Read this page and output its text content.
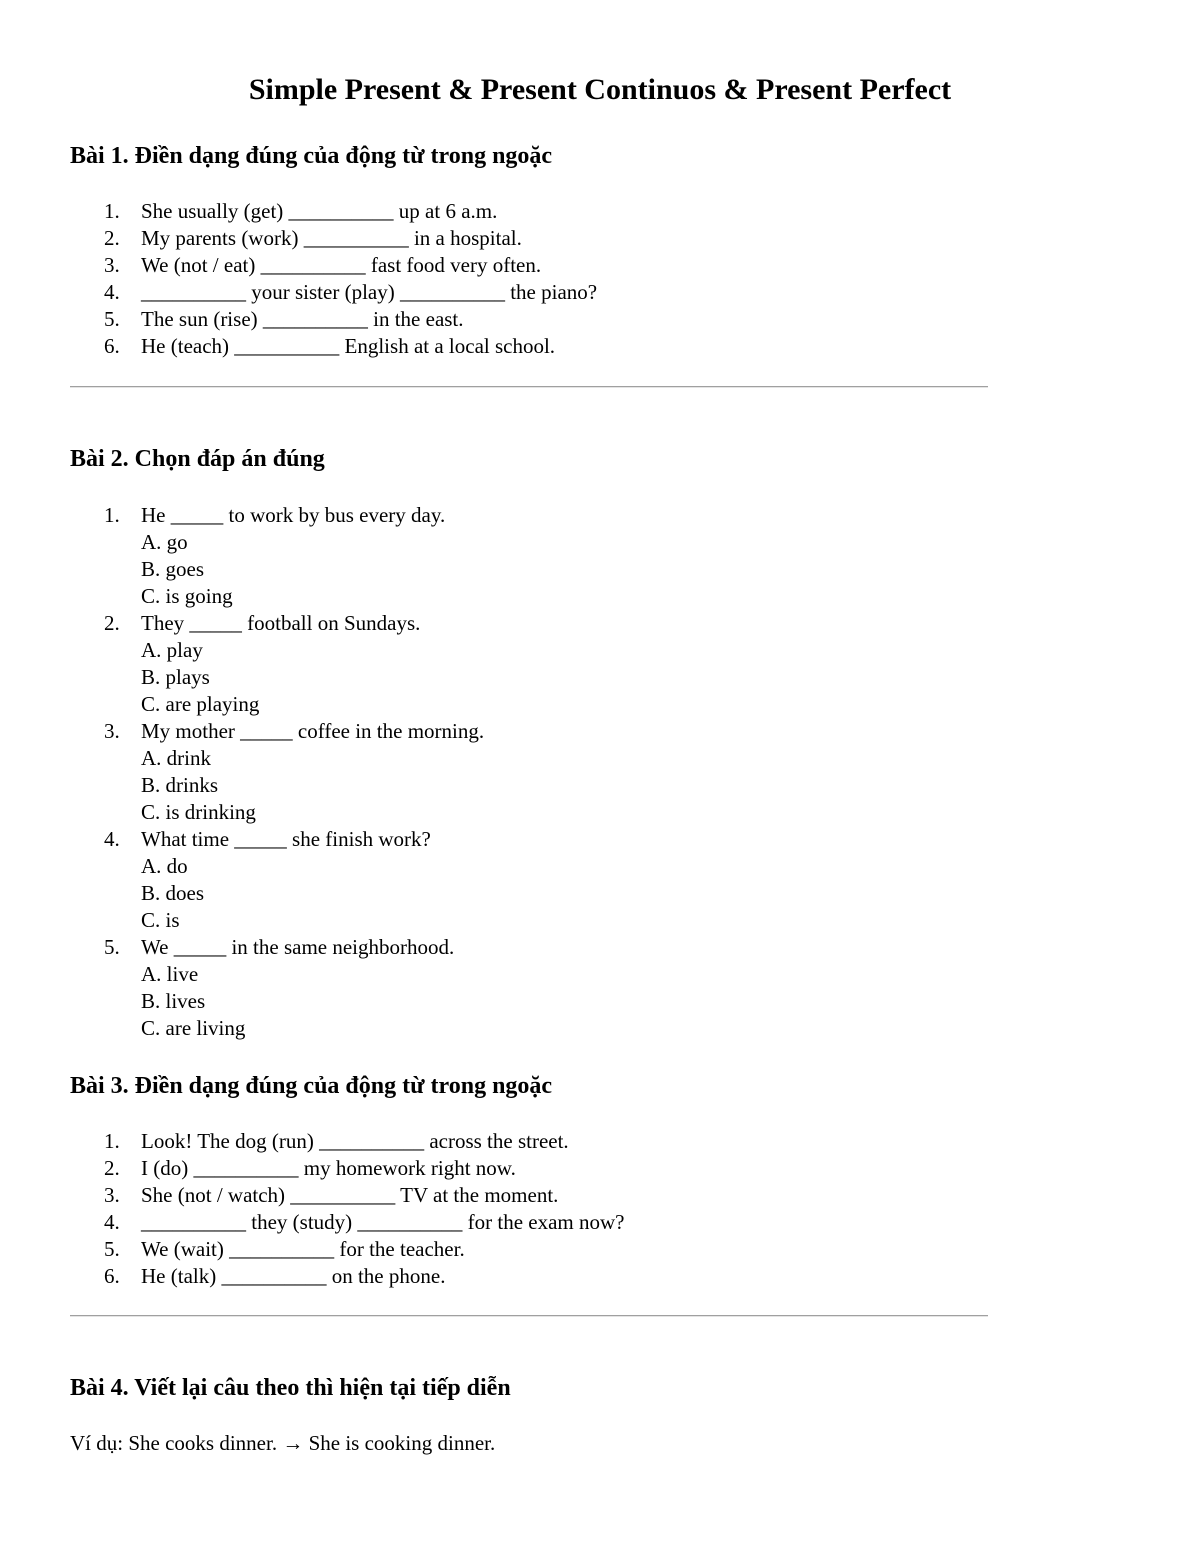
Simple Present & Present Continuos & Present Perfect
Bài 1. Điền dạng đúng của động từ trong ngoặc
1. She usually (get) __________ up at 6 a.m.
2. My parents (work) __________ in a hospital.
3. We (not / eat) __________ fast food very often.
4. __________ your sister (play) __________ the piano?
5. The sun (rise) __________ in the east.
6. He (teach) __________ English at a local school.
Bài 2. Chọn đáp án đúng
1. He _____ to work by bus every day.
A. go
B. goes
C. is going
2. They _____ football on Sundays.
A. play
B. plays
C. are playing
3. My mother _____ coffee in the morning.
A. drink
B. drinks
C. is drinking
4. What time _____ she finish work?
A. do
B. does
C. is
5. We _____ in the same neighborhood.
A. live
B. lives
C. are living
Bài 3. Điền dạng đúng của động từ trong ngoặc
1. Look! The dog (run) __________ across the street.
2. I (do) __________ my homework right now.
3. She (not / watch) __________ TV at the moment.
4. __________ they (study) __________ for the exam now?
5. We (wait) __________ for the teacher.
6. He (talk) __________ on the phone.
Bài 4. Viết lại câu theo thì hiện tại tiếp diễn

Ví dụ: She cooks dinner. → She is cooking dinner.
